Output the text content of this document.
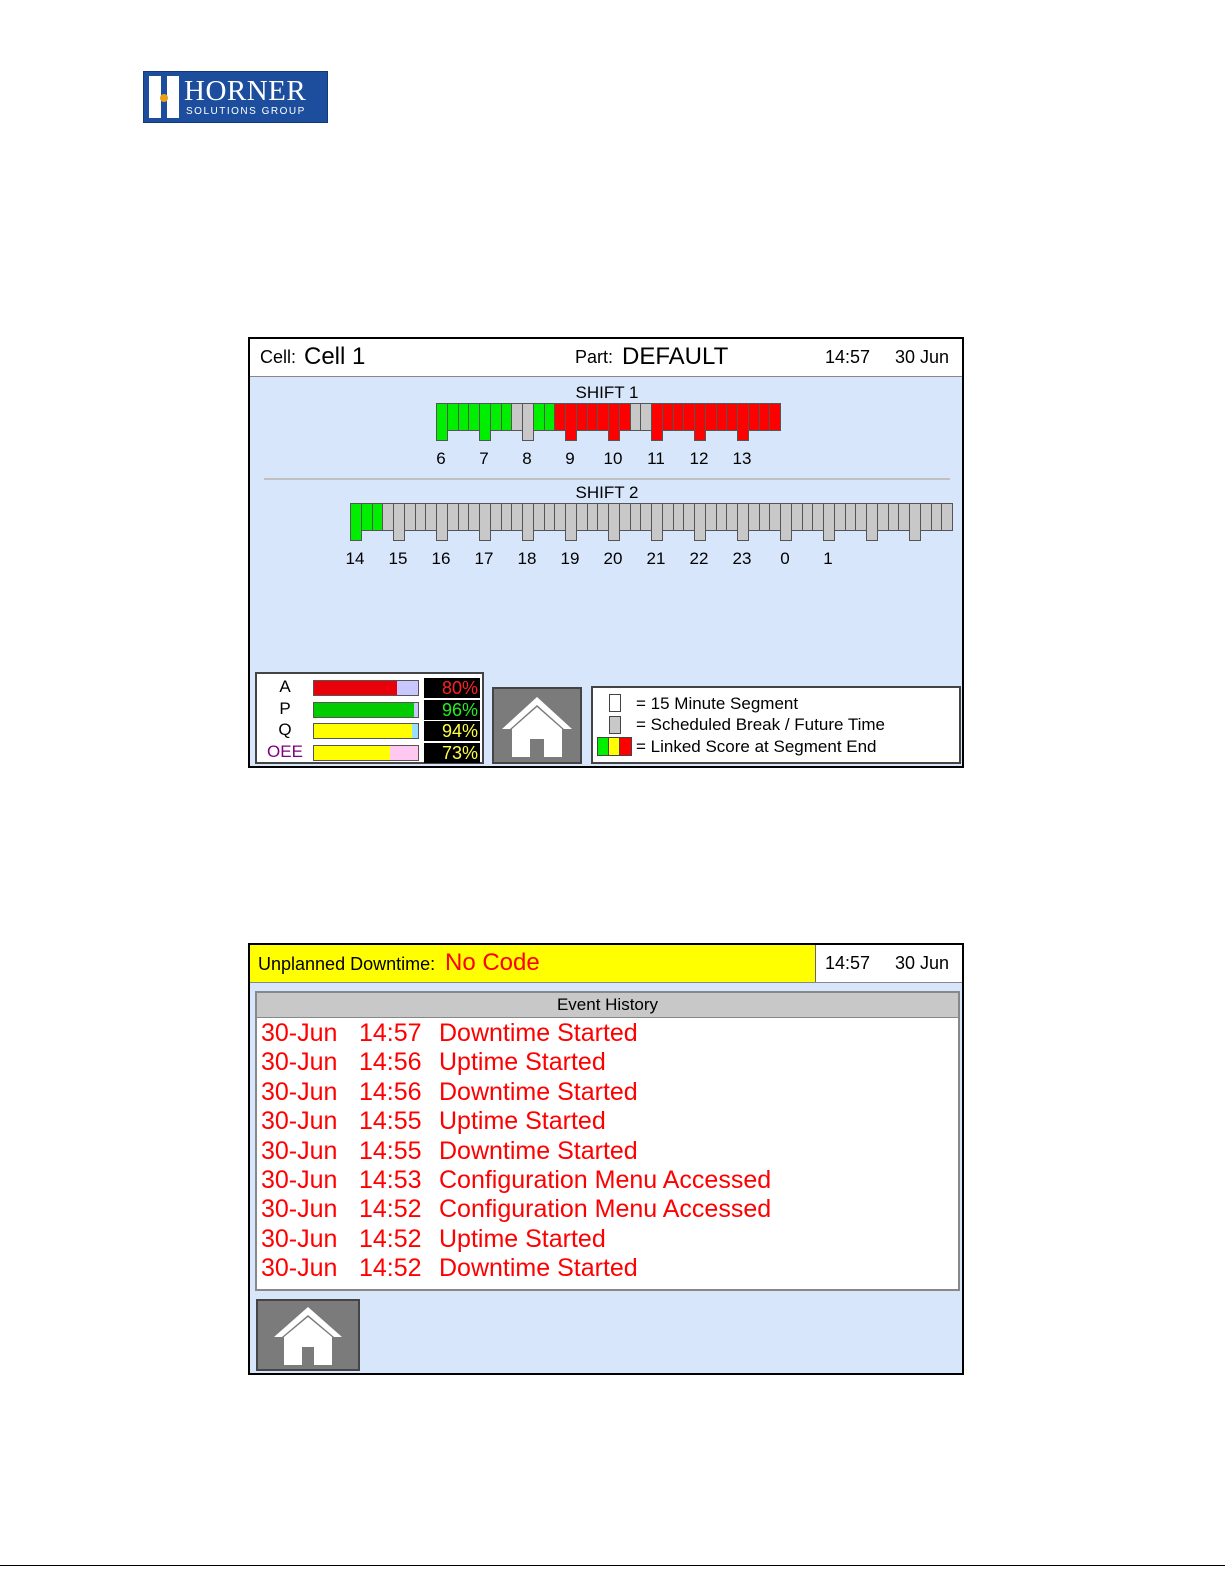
HORNER
SOLUTIONS GROUP
Cell: Cell 1	Part: DEFAULT	14:57 30 Jun
SHIFT 1
6	7	8	9	10	11	12	13
SHIFT 2
14	15	16	17	18	19	20	21	22	23	0	1
A	80%
P	96%
Q	94%
OEE	73%
= 15 Minute Segment
= Scheduled Break / Future Time
= Linked Score at Segment End
Unplanned Downtime: No Code	14:57 30 Jun
Event History
30-Jun 14:57 Downtime Started
30-Jun 14:56 Uptime Started
30-Jun 14:56 Downtime Started
30-Jun 14:55 Uptime Started
30-Jun 14:55 Downtime Started
30-Jun 14:53 Configuration Menu Accessed
30-Jun 14:52 Configuration Menu Accessed
30-Jun 14:52 Uptime Started
30-Jun 14:52 Downtime Started
